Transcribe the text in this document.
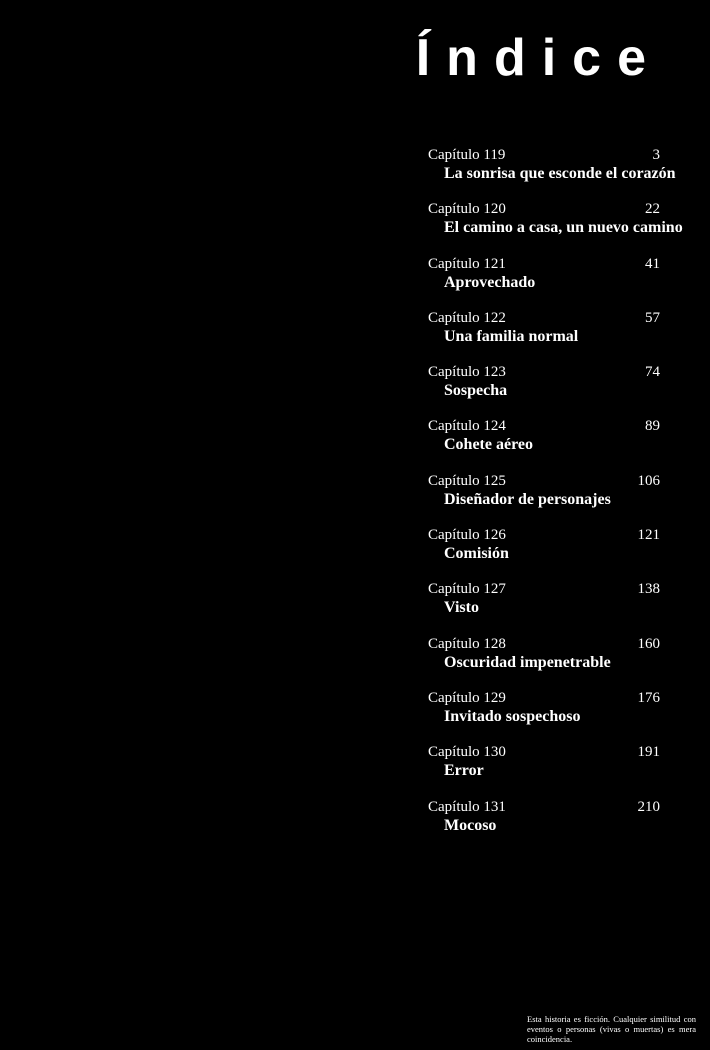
Índice
Capítulo 119	3
La sonrisa que esconde el corazón
Capítulo 120	22
El camino a casa, un nuevo camino
Capítulo 121	41
Aprovechado
Capítulo 122	57
Una familia normal
Capítulo 123	74
Sospecha
Capítulo 124	89
Cohete aéreo
Capítulo 125	106
Diseñador de personajes
Capítulo 126	121
Comisión
Capítulo 127	138
Visto
Capítulo 128	160
Oscuridad impenetrable
Capítulo 129	176
Invitado sospechoso
Capítulo 130	191
Error
Capítulo 131	210
Mocoso

Esta historia es ficción. Cualquier similitud con eventos o personas (vivas o muertas) es mera coincidencia.
